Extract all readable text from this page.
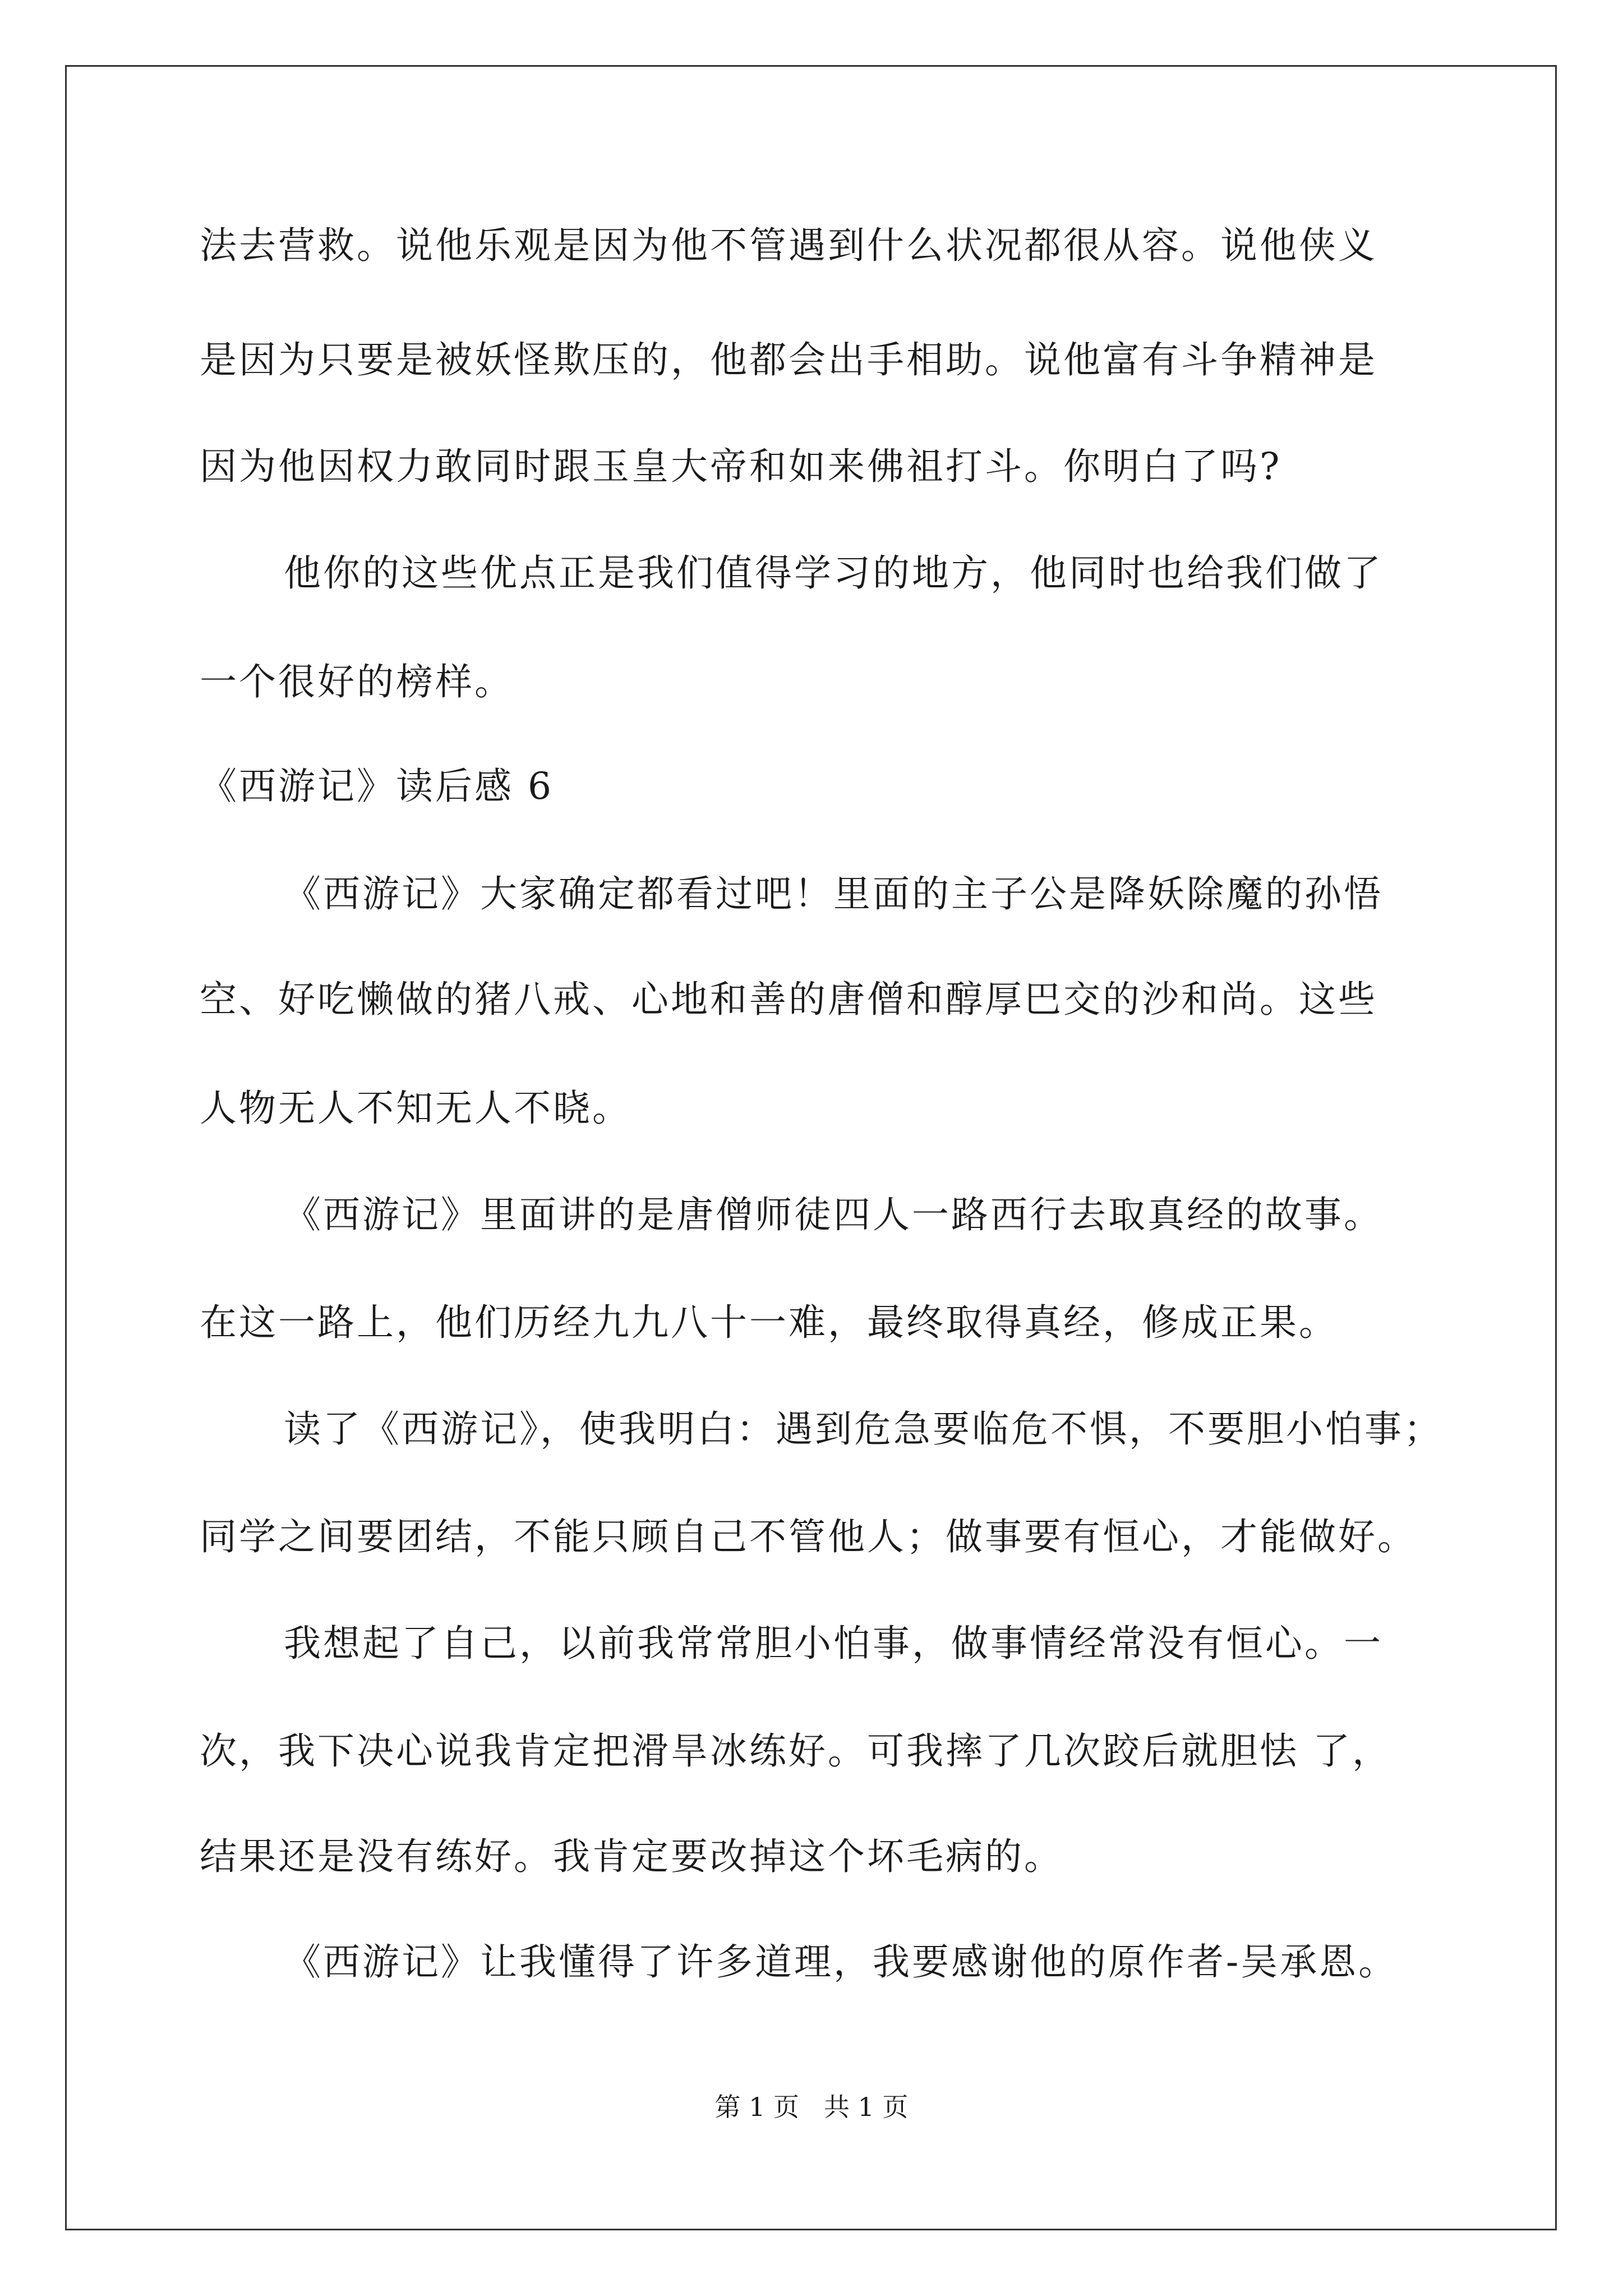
法去营救。说他乐观是因为他不管遇到什么状况都很从容。说他侠义
是因为只要是被妖怪欺压的，他都会出手相助。说他富有斗争精神是
因为他因权力敢同时跟玉皇大帝和如来佛祖打斗。你明白了吗?
他你的这些优点正是我们值得学习的地方，他同时也给我们做了
一个很好的榜样。
《西游记》读后感 6
《西游记》大家确定都看过吧！里面的主子公是降妖除魔的孙悟
空、好吃懒做的猪八戒、心地和善的唐僧和醇厚巴交的沙和尚。这些
人物无人不知无人不晓。
《西游记》里面讲的是唐僧师徒四人一路西行去取真经的故事。
在这一路上，他们历经九九八十一难，最终取得真经，修成正果。
读了《西游记》，使我明白：遇到危急要临危不惧，不要胆小怕事；
同学之间要团结，不能只顾自己不管他人；做事要有恒心，才能做好。
我想起了自己，以前我常常胆小怕事，做事情经常没有恒心。一
次，我下决心说我肯定把滑旱冰练好。可我摔了几次跤后就胆怯 了，
结果还是没有练好。我肯定要改掉这个坏毛病的。
《西游记》让我懂得了许多道理，我要感谢他的原作者-吴承恩。
第 1 页   共 1 页
